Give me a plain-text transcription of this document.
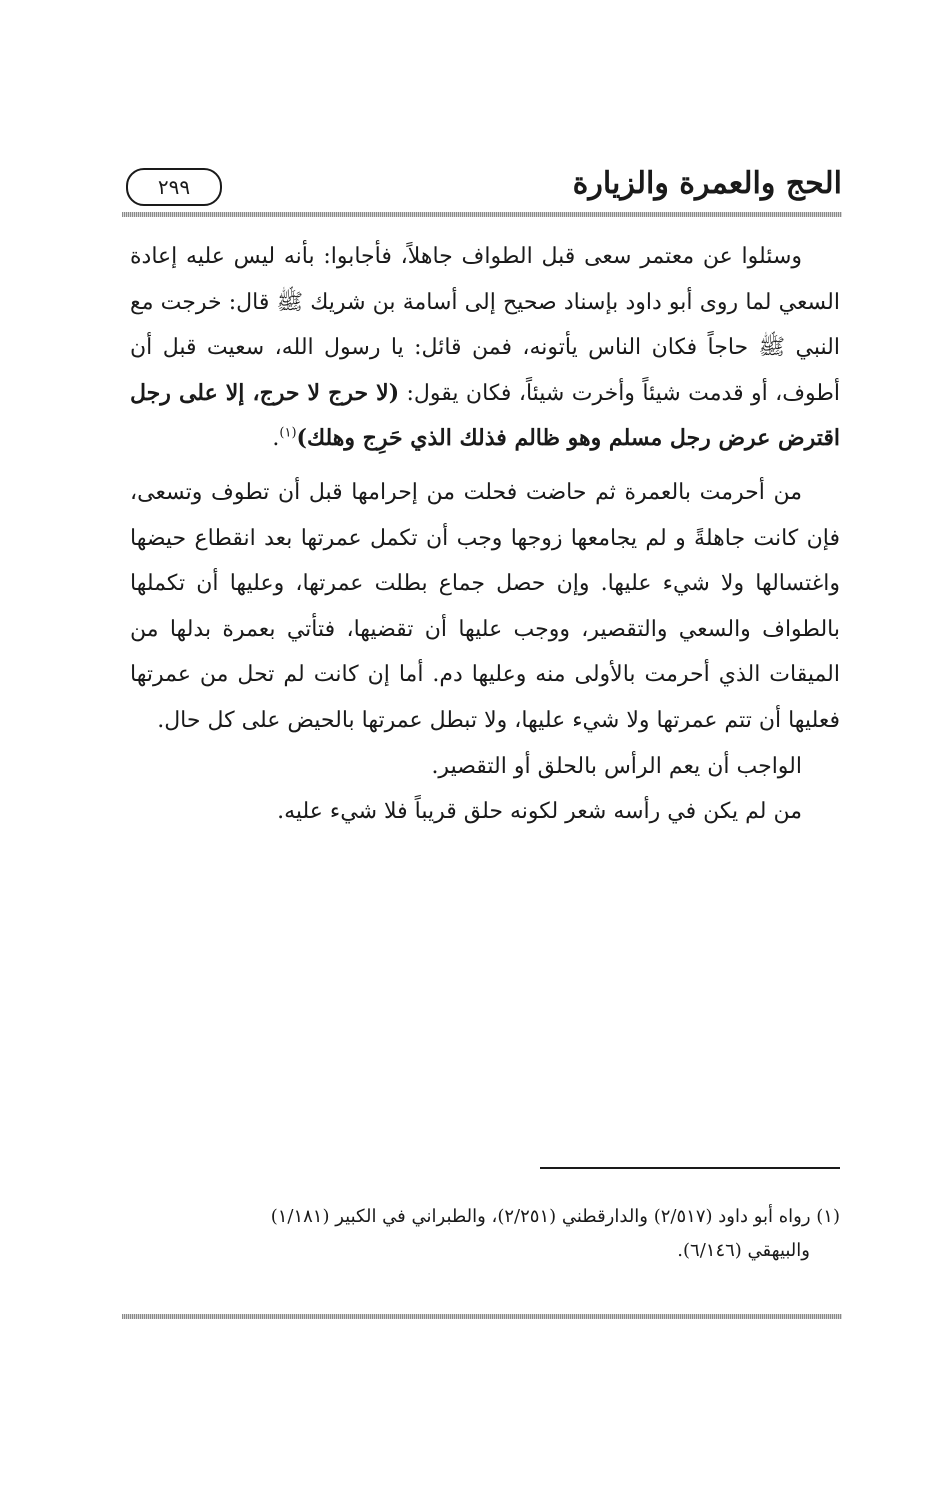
الحج والعمرة والزيارة
٢٩٩

وسئلوا عن معتمر سعى قبل الطواف جاهلاً، فأجابوا: بأنه ليس عليه إعادة السعي لما روى أبو داود بإسناد صحيح إلى أسامة بن شريك ﷺ قال: خرجت مع النبي ﷺ حاجاً فكان الناس يأتونه، فمن قائل: يا رسول الله، سعيت قبل أن أطوف، أو قدمت شيئاً وأخرت شيئاً، فكان يقول: (لا حرج لا حرج، إلا على رجل اقترض عرض رجل مسلم وهو ظالم فذلك الذي حَرِج وهلك)$^{(١)}$.

من أحرمت بالعمرة ثم حاضت فحلت من إحرامها قبل أن تطوف وتسعى، فإن كانت جاهلةً و لم يجامعها زوجها وجب أن تكمل عمرتها بعد انقطاع حيضها واغتسالها ولا شيء عليها. وإن حصل جماع بطلت عمرتها، وعليها أن تكملها بالطواف والسعي والتقصير، ووجب عليها أن تقضيها، فتأتي بعمرة بدلها من الميقات الذي أحرمت بالأولى منه وعليها دم. أما إن كانت لم تحل من عمرتها فعليها أن تتم عمرتها ولا شيء عليها، ولا تبطل عمرتها بالحيض على كل حال.

الواجب أن يعم الرأس بالحلق أو التقصير.

من لم يكن في رأسه شعر لكونه حلق قريباً فلا شيء عليه.

(١) رواه أبو داود (٢/٥١٧) والدارقطني (٢/٢٥١)، والطبراني في الكبير (١/١٨١)

والبيهقي (٦/١٤٦).
